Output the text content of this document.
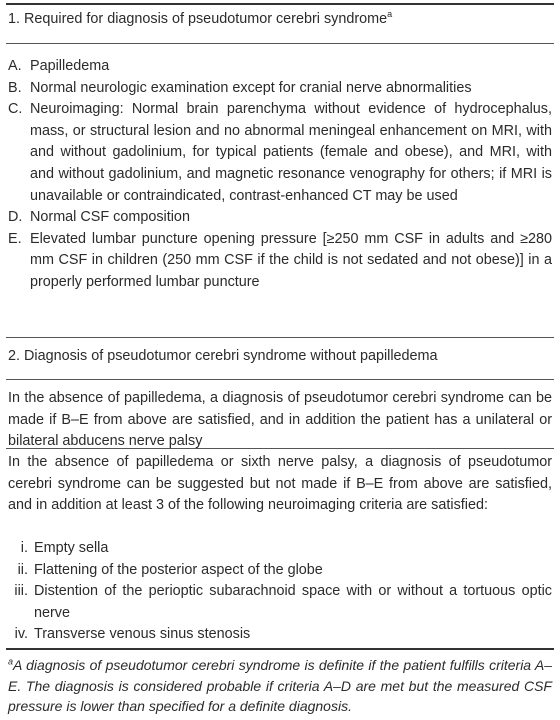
1. Required for diagnosis of pseudotumor cerebri syndrome$^a$
A. Papilledema
B. Normal neurologic examination except for cranial nerve abnormalities
C. Neuroimaging: Normal brain parenchyma without evidence of hydrocephalus, mass, or structural lesion and no abnormal meningeal enhancement on MRI, with and without gadolinium, for typical patients (female and obese), and MRI, with and without gadolinium, and magnetic resonance venography for others; if MRI is unavailable or contraindicated, contrast-enhanced CT may be used
D. Normal CSF composition
E. Elevated lumbar puncture opening pressure [≥250 mm CSF in adults and ≥280 mm CSF in children (250 mm CSF if the child is not sedated and not obese)] in a properly performed lumbar puncture
2. Diagnosis of pseudotumor cerebri syndrome without papilledema

In the absence of papilledema, a diagnosis of pseudotumor cerebri syndrome can be made if B–E from above are satisfied, and in addition the patient has a unilateral or bilateral abducens nerve palsy

In the absence of papilledema or sixth nerve palsy, a diagnosis of pseudotumor cerebri syndrome can be suggested but not made if B–E from above are satisfied, and in addition at least 3 of the following neuroimaging criteria are satisfied:

i. Empty sella
ii. Flattening of the posterior aspect of the globe
iii. Distention of the perioptic subarachnoid space with or without a tortuous optic nerve
iv. Transverse venous sinus stenosis

$^a$A diagnosis of pseudotumor cerebri syndrome is definite if the patient fulfills criteria A–E. The diagnosis is considered probable if criteria A–D are met but the measured CSF pressure is lower than specified for a definite diagnosis.
